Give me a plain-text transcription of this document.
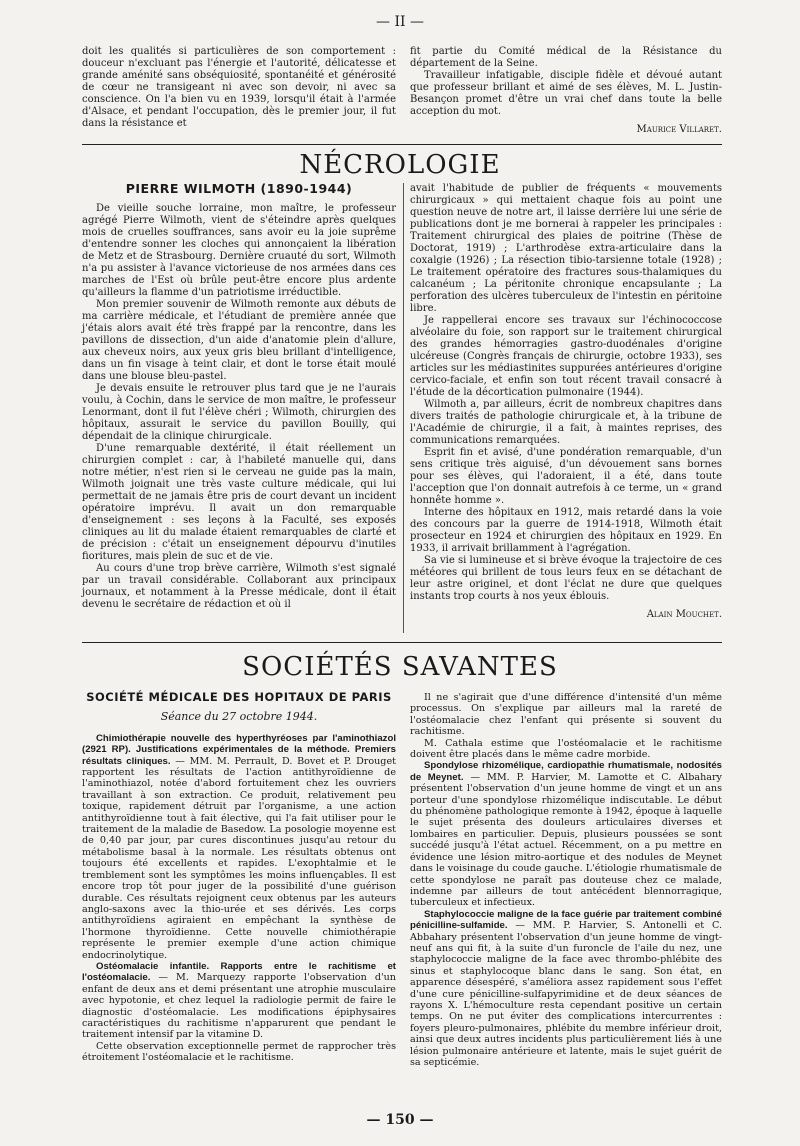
— II —

doit les qualités si particulières de son comportement : douceur n'excluant pas l'énergie et l'autorité, délicatesse et grande aménité sans obséquiosité, spontanéité et générosité de cœur ne transigeant ni avec son devoir, ni avec sa conscience. On l'a bien vu en 1939, lorsqu'il était à l'armée d'Alsace, et pendant l'occupation, dès le premier jour, il fut dans la résistance et

fit partie du Comité médical de la Résistance du département de la Seine.

Travailleur infatigable, disciple fidèle et dévoué autant que professeur brillant et aimé de ses élèves, M. L. Justin-Besançon promet d'être un vrai chef dans toute la belle acception du mot.

Maurice Villaret.
NÉCROLOGIE
PIERRE WILMOTH (1890-1944)

De vieille souche lorraine, mon maître, le professeur agrégé Pierre Wilmoth, vient de s'éteindre après quelques mois de cruelles souffrances, sans avoir eu la joie suprême d'entendre sonner les cloches qui annonçaient la libération de Metz et de Strasbourg. Dernière cruauté du sort, Wilmoth n'a pu assister à l'avance victorieuse de nos armées dans ces marches de l'Est où brûle peut-être encore plus ardente qu'ailleurs la flamme d'un patriotisme irréductible.

Mon premier souvenir de Wilmoth remonte aux débuts de ma carrière médicale, et l'étudiant de première année que j'étais alors avait été très frappé par la rencontre, dans les pavillons de dissection, d'un aide d'anatomie plein d'allure, aux cheveux noirs, aux yeux gris bleu brillant d'intelligence, dans un fin visage à teint clair, et dont le torse était moulé dans une blouse bleu-pastel.

Je devais ensuite le retrouver plus tard que je ne l'aurais voulu, à Cochin, dans le service de mon maître, le professeur Lenormant, dont il fut l'élève chéri ; Wilmoth, chirurgien des hôpitaux, assurait le service du pavillon Bouilly, qui dépendait de la clinique chirurgicale.

D'une remarquable dextérité, il était réellement un chirurgien complet : car, à l'habileté manuelle qui, dans notre métier, n'est rien si le cerveau ne guide pas la main, Wilmoth joignait une très vaste culture médicale, qui lui permettait de ne jamais être pris de court devant un incident opératoire imprévu. Il avait un don remarquable d'enseignement : ses leçons à la Faculté, ses exposés cliniques au lit du malade étaient remarquables de clarté et de précision : c'était un enseignement dépourvu d'inutiles fioritures, mais plein de suc et de vie.

Au cours d'une trop brève carrière, Wilmoth s'est signalé par un travail considérable. Collaborant aux principaux journaux, et notamment à la Presse médicale, dont il était devenu le secrétaire de rédaction et où il

avait l'habitude de publier de fréquents « mouvements chirurgicaux » qui mettaient chaque fois au point une question neuve de notre art, il laisse derrière lui une série de publications dont je me bornerai à rappeler les principales : Traitement chirurgical des plaies de poitrine (Thèse de Doctorat, 1919) ; L'arthrodèse extra-articulaire dans la coxalgie (1926) ; La résection tibio-tarsienne totale (1928) ; Le traitement opératoire des fractures sous-thalamiques du calcanéum ; La péritonite chronique encapsulante ; La perforation des ulcères tuberculeux de l'intestin en péritoine libre.

Je rappellerai encore ses travaux sur l'échinococcose alvéolaire du foie, son rapport sur le traitement chirurgical des grandes hémorragies gastro-duodénales d'origine ulcéreuse (Congrès français de chirurgie, octobre 1933), ses articles sur les médiastinites suppurées antérieures d'origine cervico-faciale, et enfin son tout récent travail consacré à l'étude de la décortication pulmonaire (1944).

Wilmoth a, par ailleurs, écrit de nombreux chapitres dans divers traités de pathologie chirurgicale et, à la tribune de l'Académie de chirurgie, il a fait, à maintes reprises, des communications remarquées.

Esprit fin et avisé, d'une pondération remarquable, d'un sens critique très aiguisé, d'un dévouement sans bornes pour ses élèves, qui l'adoraient, il a été, dans toute l'acception que l'on donnait autrefois à ce terme, un « grand honnête homme ».

Interne des hôpitaux en 1912, mais retardé dans la voie des concours par la guerre de 1914-1918, Wilmoth était prosecteur en 1924 et chirurgien des hôpitaux en 1929. En 1933, il arrivait brillamment à l'agrégation.

Sa vie si lumineuse et si brève évoque la trajectoire de ces météores qui brillent de tous leurs feux en se détachant de leur astre originel, et dont l'éclat ne dure que quelques instants trop courts à nos yeux éblouis.

Alain Mouchet.
SOCIÉTÉS SAVANTES
SOCIÉTÉ MÉDICALE DES HOPITAUX DE PARIS
Séance du 27 octobre 1944.

Chimiothérapie nouvelle des hyperthyréoses par l'aminothiazol (2921 RP). Justifications expérimentales de la méthode. Premiers résultats cliniques. — MM. M. Perrault, D. Bovet et P. Drouget rapportent les résultats de l'action antithyroïdienne de l'aminothiazol, notée d'abord fortuitement chez les ouvriers travaillant à son extraction. Ce produit, relativement peu toxique, rapidement détruit par l'organisme, a une action antithyroïdienne tout à fait élective, qui l'a fait utiliser pour le traitement de la maladie de Basedow. La posologie moyenne est de 0,40 par jour, par cures discontinues jusqu'au retour du métabolisme basal à la normale. Les résultats obtenus ont toujours été excellents et rapides. L'exophtalmie et le tremblement sont les symptômes les moins influençables. Il est encore trop tôt pour juger de la possibilité d'une guérison durable. Ces résultats rejoignent ceux obtenus par les auteurs anglo-saxons avec la thio-urée et ses dérivés. Les corps antithyroïdiens agiraient en empêchant la synthèse de l'hormone thyroïdienne. Cette nouvelle chimiothérapie représente le premier exemple d'une action chimique endocrinolytique.

Ostéomalacie infantile. Rapports entre le rachitisme et l'ostéomalacie. — M. Marquezy rapporte l'observation d'un enfant de deux ans et demi présentant une atrophie musculaire avec hypotonie, et chez lequel la radiologie permit de faire le diagnostic d'ostéomalacie. Les modifications épiphysaires caractéristiques du rachitisme n'apparurent que pendant le traitement intensif par la vitamine D.

Cette observation exceptionnelle permet de rapprocher très étroitement l'ostéomalacie et le rachitisme.

Il ne s'agirait que d'une différence d'intensité d'un même processus. On s'explique par ailleurs mal la rareté de l'ostéomalacie chez l'enfant qui présente si souvent du rachitisme.

M. Cathala estime que l'ostéomalacie et le rachitisme doivent être placés dans le même cadre morbide.

Spondylose rhizomélique, cardiopathie rhumatismale, nodosités de Meynet. — MM. P. Harvier, M. Lamotte et C. Albahary présentent l'observation d'un jeune homme de vingt et un ans porteur d'une spondylose rhizomélique indiscutable. Le début du phénomène pathologique remonte à 1942, époque à laquelle le sujet présenta des douleurs articulaires diverses et lombaires en particulier. Depuis, plusieurs poussées se sont succédé jusqu'à l'état actuel. Récemment, on a pu mettre en évidence une lésion mitro-aortique et des nodules de Meynet dans le voisinage du coude gauche. L'étiologie rhumatismale de cette spondylose ne paraît pas douteuse chez ce malade, indemne par ailleurs de tout antécédent blennorragique, tuberculeux et infectieux.

Staphylococcie maligne de la face guérie par traitement combiné pénicilline-sulfamide. — MM. P. Harvier, S. Antonelli et C. Abbahary présentent l'observation d'un jeune homme de vingt-neuf ans qui fit, à la suite d'un furoncle de l'aile du nez, une staphylococcie maligne de la face avec thrombo-phlébite des sinus et staphylocoque blanc dans le sang. Son état, en apparence désespéré, s'améliora assez rapidement sous l'effet d'une cure pénicilline-sulfapyrimidine et de deux séances de rayons X. L'hémoculture resta cependant positive un certain temps. On ne put éviter des complications intercurrentes : foyers pleuro-pulmonaires, phlébite du membre inférieur droit, ainsi que deux autres incidents plus particulièrement liés à une lésion pulmonaire antérieure et latente, mais le sujet guérit de sa septicémie.

— 150 —
